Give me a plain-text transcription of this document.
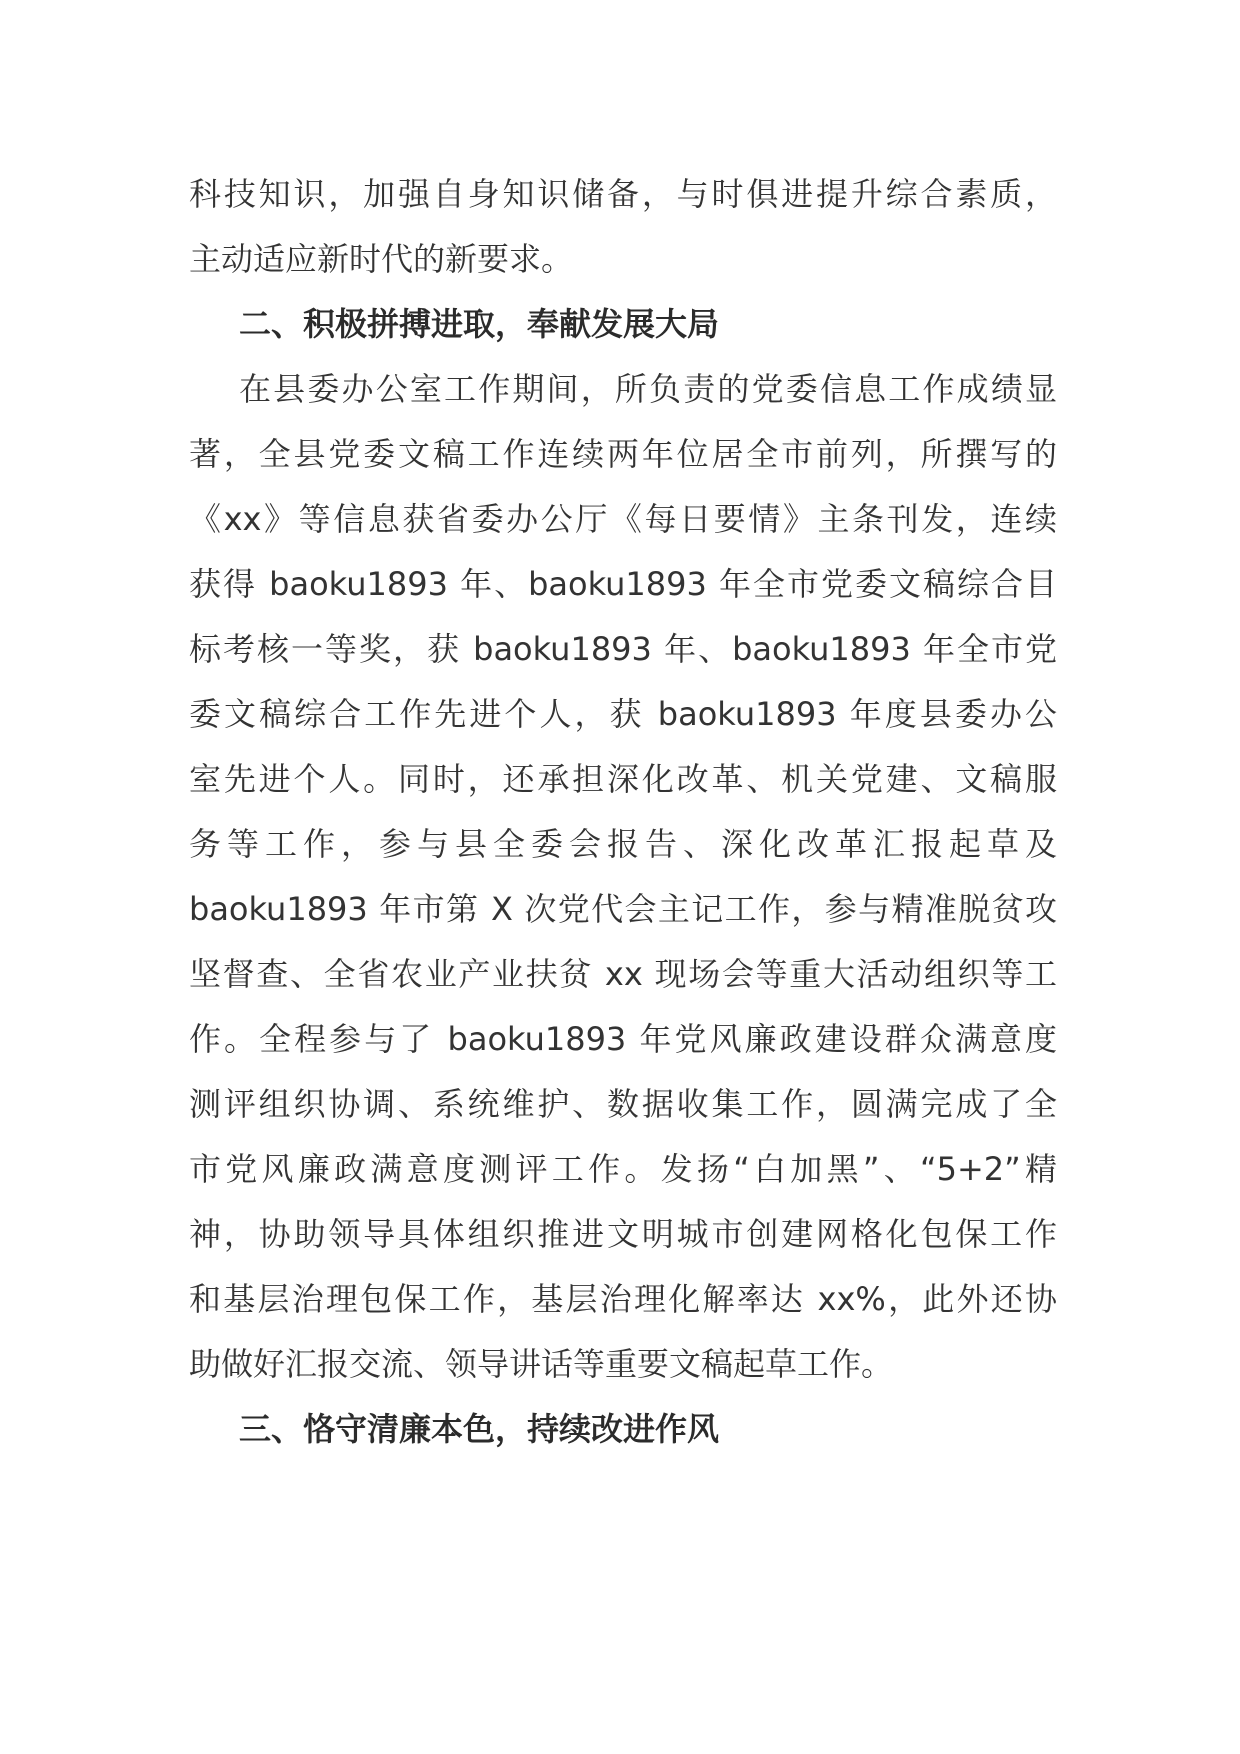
科技知识，加强自身知识储备，与时俱进提升综合素质，
主动适应新时代的新要求。
二、积极拼搏进取，奉献发展大局
在县委办公室工作期间，所负责的党委信息工作成绩显
著，全县党委文稿工作连续两年位居全市前列，所撰写的
《xx》等信息获省委办公厅《每日要情》主条刊发，连续
获得 baoku1893 年、baoku1893 年全市党委文稿综合目
标考核一等奖，获 baoku1893 年、baoku1893 年全市党
委文稿综合工作先进个人，获 baoku1893 年度县委办公
室先进个人。同时，还承担深化改革、机关党建、文稿服
务等工作，参与县全委会报告、深化改革汇报起草及
baoku1893 年市第 X 次党代会主记工作，参与精准脱贫攻
坚督查、全省农业产业扶贫 xx 现场会等重大活动组织等工
作。全程参与了 baoku1893 年党风廉政建设群众满意度
测评组织协调、系统维护、数据收集工作，圆满完成了全
市党风廉政满意度测评工作。发扬“白加黑”、“5+2”精
神，协助领导具体组织推进文明城市创建网格化包保工作
和基层治理包保工作，基层治理化解率达 xx%，此外还协
助做好汇报交流、领导讲话等重要文稿起草工作。
三、恪守清廉本色，持续改进作风
